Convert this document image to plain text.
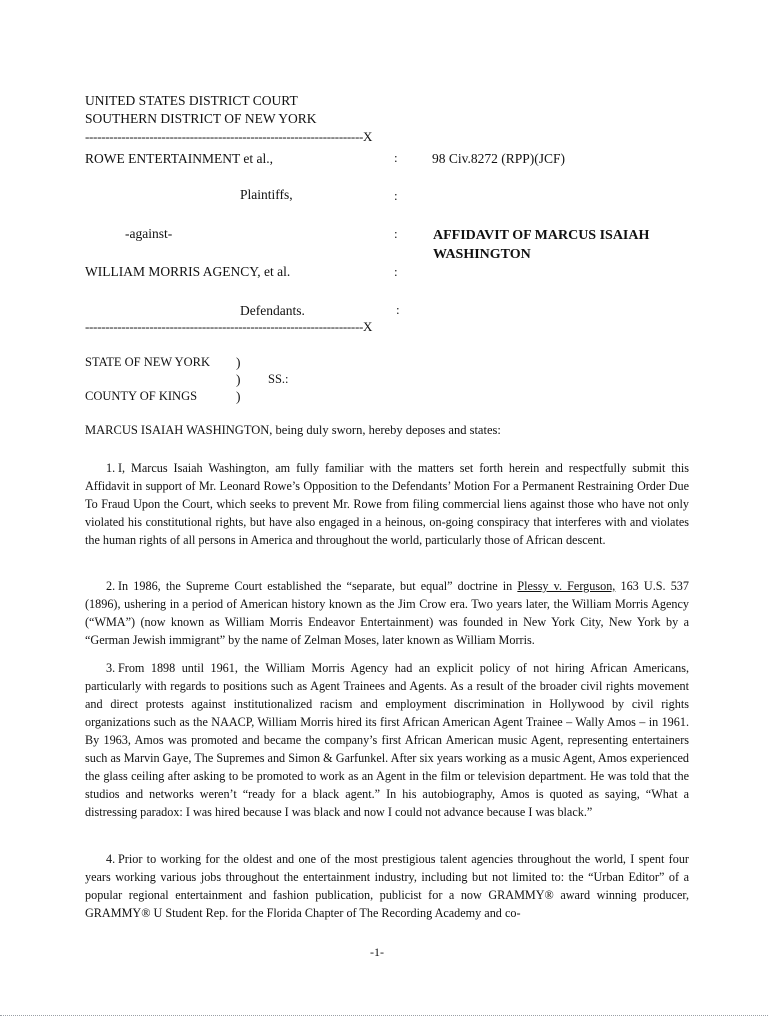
UNITED STATES DISTRICT COURT
SOUTHERN DISTRICT OF NEW YORK
---------------------------------------------------------------------X
---------------------------------------------------------------------X
ROWE ENTERTAINMENT et al.,
Plaintiffs,
-against-
WILLIAM MORRIS AGENCY, et al.
Defendants.
:
:
:
:
:
98 Civ.8272 (RPP)(JCF)
AFFIDAVIT OF MARCUS ISAIAH
WASHINGTON
STATE OF NEW YORK
COUNTY OF KINGS
)
)
)
SS.:
MARCUS ISAIAH WASHINGTON, being duly sworn, hereby deposes and states:

1. I, Marcus Isaiah Washington, am fully familiar with the matters set forth herein and respectfully submit this Affidavit in support of Mr. Leonard Rowe’s Opposition to the Defendants’ Motion For a Permanent Restraining Order Due To Fraud Upon the Court, which seeks to prevent Mr. Rowe from filing commercial liens against those who have not only violated his constitutional rights, but have also engaged in a heinous, on-going conspiracy that interferes with and violates the human rights of all persons in America and throughout the world, particularly those of African descent.

2. In 1986, the Supreme Court established the “separate, but equal” doctrine in Plessy v. Ferguson, 163 U.S. 537 (1896), ushering in a period of American history known as the Jim Crow era. Two years later, the William Morris Agency (“WMA”) (now known as William Morris Endeavor Entertainment) was founded in New York City, New York by a “German Jewish immigrant” by the name of Zelman Moses, later known as William Morris.

3. From 1898 until 1961, the William Morris Agency had an explicit policy of not hiring African Americans, particularly with regards to positions such as Agent Trainees and Agents. As a result of the broader civil rights movement and direct protests against institutionalized racism and employment discrimination in Hollywood by civil rights organizations such as the NAACP, William Morris hired its first African American Agent Trainee – Wally Amos – in 1961. By 1963, Amos was promoted and became the company’s first African American music Agent, representing entertainers such as Marvin Gaye, The Supremes and Simon & Garfunkel. After six years working as a music Agent, Amos experienced the glass ceiling after asking to be promoted to work as an Agent in the film or television department. He was told that the studios and networks weren’t “ready for a black agent.” In his autobiography, Amos is quoted as saying, “What a distressing paradox: I was hired because I was black and now I could not advance because I was black.”

4. Prior to working for the oldest and one of the most prestigious talent agencies throughout the world, I spent four years working various jobs throughout the entertainment industry, including but not limited to: the “Urban Editor” of a popular regional entertainment and fashion publication, publicist for a now GRAMMY® award winning producer, GRAMMY® U Student Rep. for the Florida Chapter of The Recording Academy and co-

-1-
